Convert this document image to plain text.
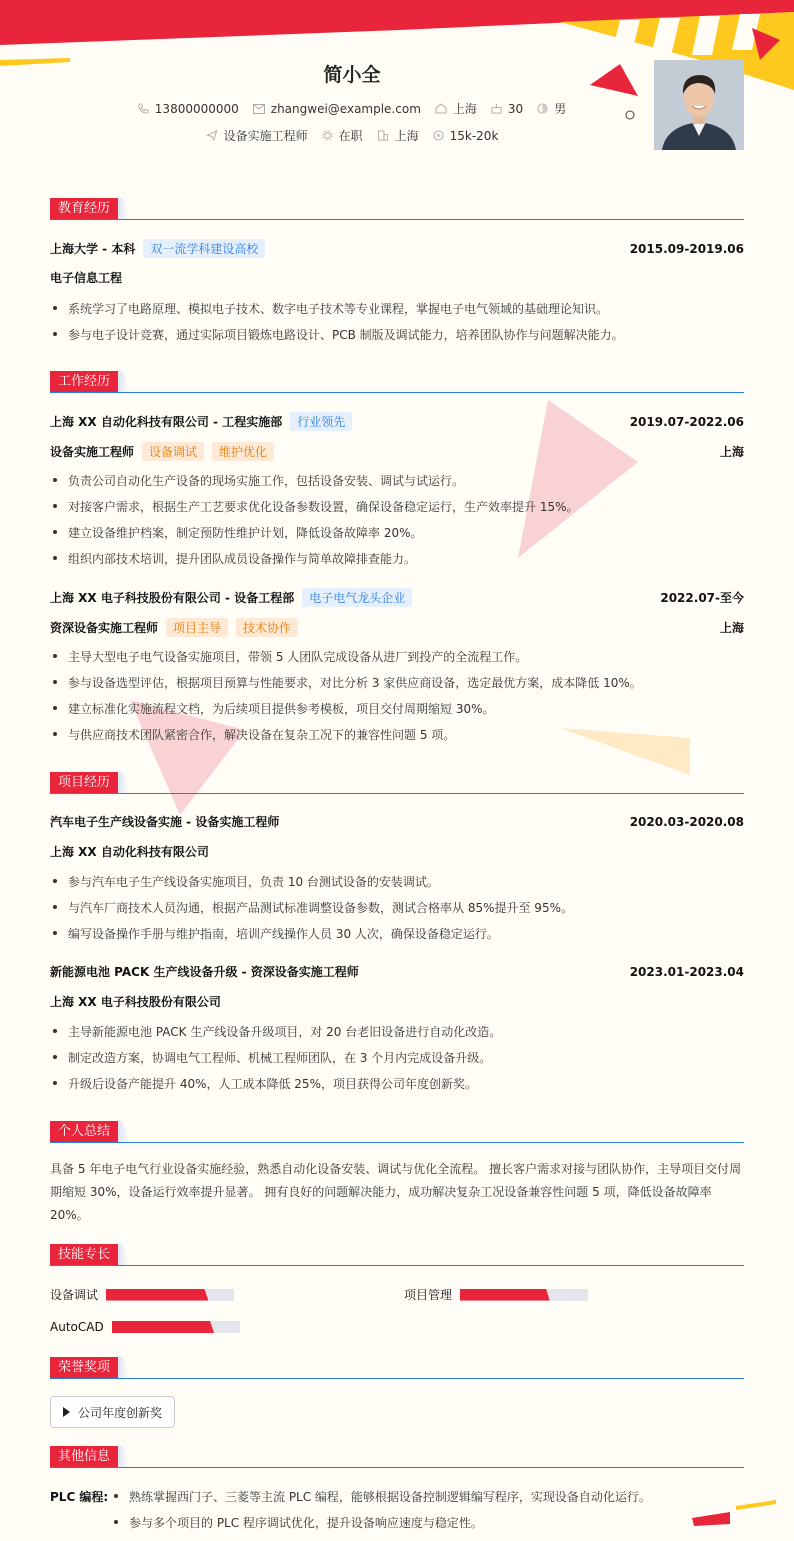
简小全
13800000000	zhangwei@example.com	上海	30	男
设备实施工程师	在职	上海	15k-20k
教育经历
上海大学 - 本科	双一流学科建设高校	2015.09-2019.06
电子信息工程
系统学习了电路原理、模拟电子技术、数字电子技术等专业课程，掌握电子电气领域的基础理论知识。
参与电子设计竞赛，通过实际项目锻炼电路设计、PCB 制版及调试能力，培养团队协作与问题解决能力。
工作经历
上海 XX 自动化科技有限公司 - 工程实施部	行业领先	2019.07-2022.06
设备实施工程师	设备调试	维护优化	上海
负责公司自动化生产设备的现场实施工作，包括设备安装、调试与试运行。
对接客户需求，根据生产工艺要求优化设备参数设置，确保设备稳定运行，生产效率提升 15%。
建立设备维护档案，制定预防性维护计划，降低设备故障率 20%。
组织内部技术培训，提升团队成员设备操作与简单故障排查能力。
上海 XX 电子科技股份有限公司 - 设备工程部	电子电气龙头企业	2022.07-至今
资深设备实施工程师	项目主导	技术协作	上海
主导大型电子电气设备实施项目，带领 5 人团队完成设备从进厂到投产的全流程工作。
参与设备选型评估，根据项目预算与性能要求，对比分析 3 家供应商设备，选定最优方案，成本降低 10%。
建立标准化实施流程文档，为后续项目提供参考模板，项目交付周期缩短 30%。
与供应商技术团队紧密合作，解决设备在复杂工况下的兼容性问题 5 项。
项目经历
汽车电子生产线设备实施 - 设备实施工程师	2020.03-2020.08
上海 XX 自动化科技有限公司
参与汽车电子生产线设备实施项目，负责 10 台测试设备的安装调试。
与汽车厂商技术人员沟通，根据产品测试标准调整设备参数，测试合格率从 85%提升至 95%。
编写设备操作手册与维护指南，培训产线操作人员 30 人次，确保设备稳定运行。
新能源电池 PACK 生产线设备升级 - 资深设备实施工程师	2023.01-2023.04
上海 XX 电子科技股份有限公司
主导新能源电池 PACK 生产线设备升级项目，对 20 台老旧设备进行自动化改造。
制定改造方案，协调电气工程师、机械工程师团队，在 3 个月内完成设备升级。
升级后设备产能提升 40%，人工成本降低 25%，项目获得公司年度创新奖。
个人总结
具备 5 年电子电气行业设备实施经验，熟悉自动化设备安装、调试与优化全流程。 擅长客户需求对接与团队协作，主导项目交付周期缩短 30%，设备运行效率提升显著。 拥有良好的问题解决能力，成功解决复杂工况设备兼容性问题 5 项，降低设备故障率 20%。
技能专长
设备调试	项目管理
AutoCAD
荣誉奖项
公司年度创新奖
其他信息
PLC 编程:	熟练掌握西门子、三菱等主流 PLC 编程，能够根据设备控制逻辑编写程序，实现设备自动化运行。
参与多个项目的 PLC 程序调试优化，提升设备响应速度与稳定性。
